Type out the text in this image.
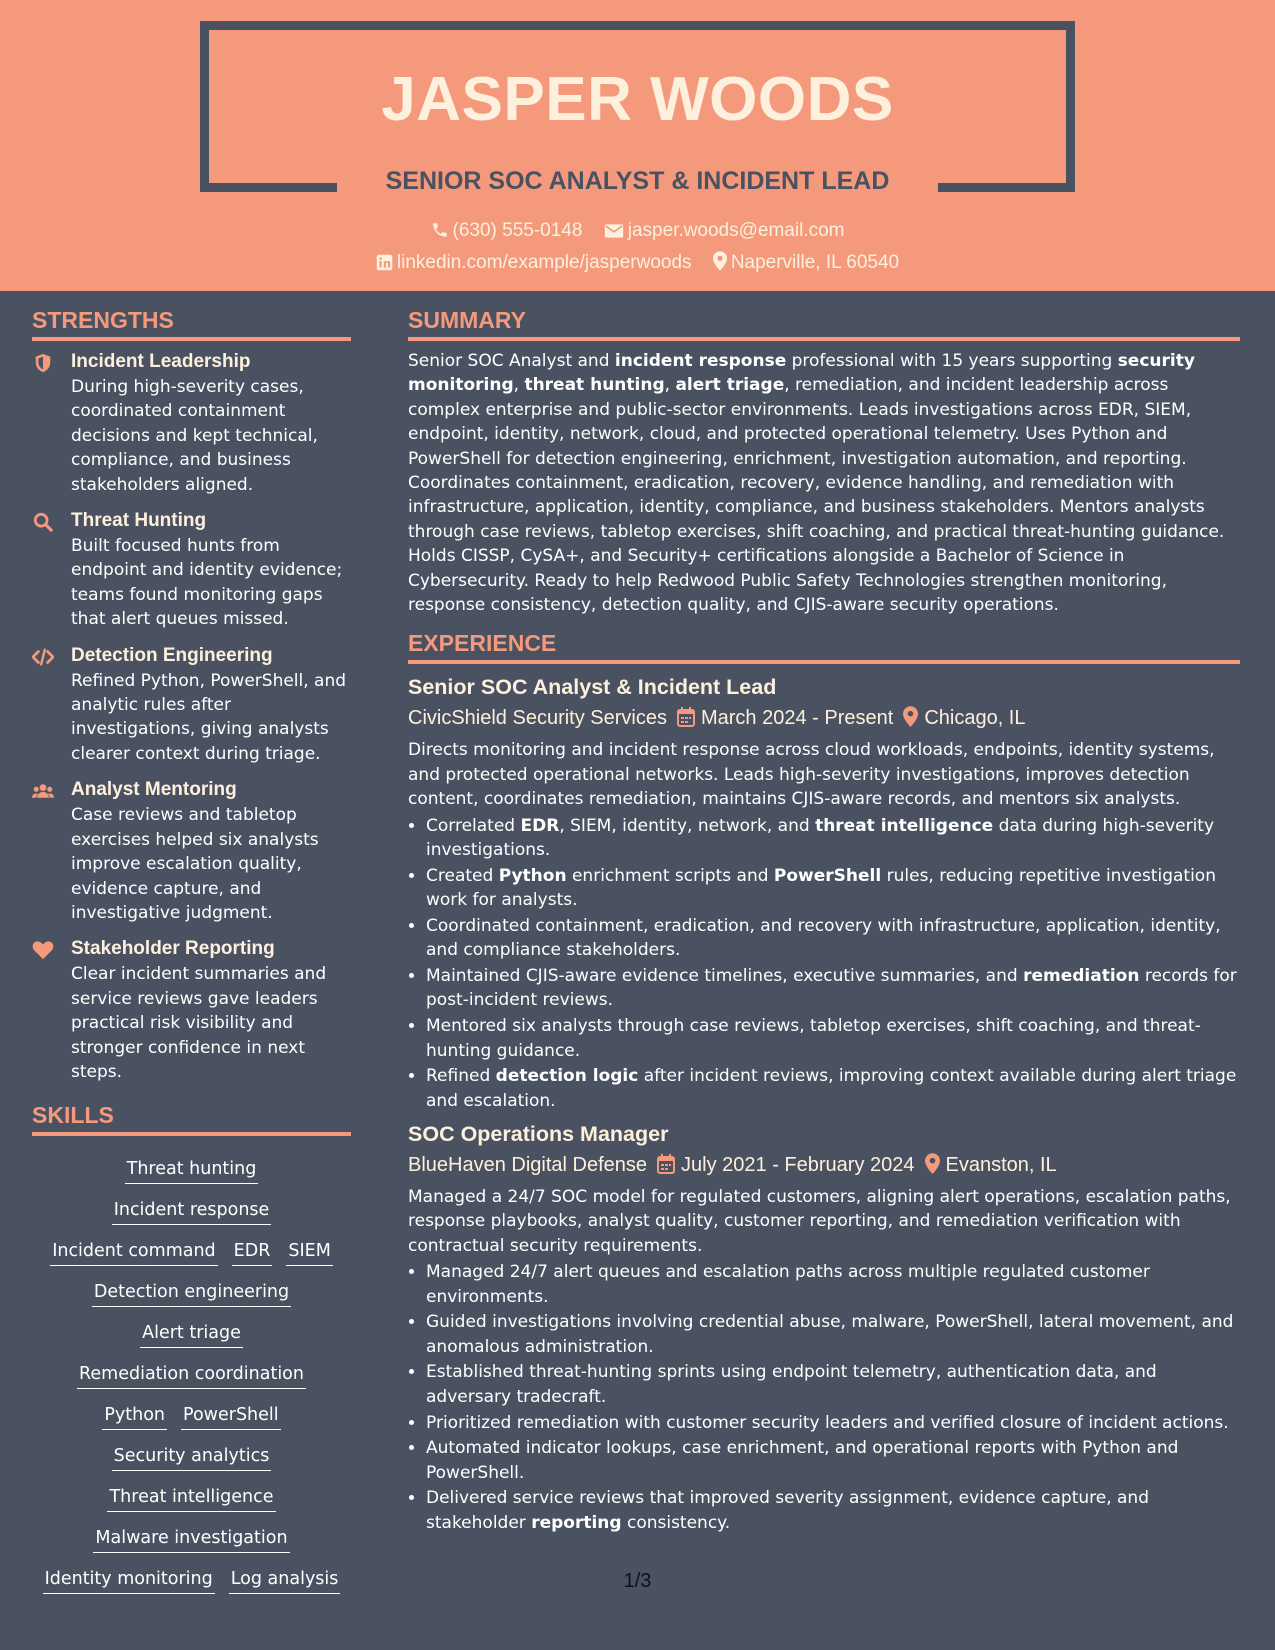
JASPER WOODS
SENIOR SOC ANALYST & INCIDENT LEAD
(630) 555-0148 jasper.woods@email.com
linkedin.com/example/jasperwoods Naperville, IL 60540
STRENGTHS
Incident Leadership
During high-severity cases, coordinated containment decisions and kept technical, compliance, and business stakeholders aligned.
Threat Hunting
Built focused hunts from endpoint and identity evidence; teams found monitoring gaps that alert queues missed.
Detection Engineering
Refined Python, PowerShell, and analytic rules after investigations, giving analysts clearer context during triage.
Analyst Mentoring
Case reviews and tabletop exercises helped six analysts improve escalation quality, evidence capture, and investigative judgment.
Stakeholder Reporting
Clear incident summaries and service reviews gave leaders practical risk visibility and stronger confidence in next steps.
SKILLS
Threat huntingIncident responseIncident command EDR SIEMDetection engineeringAlert triageRemediation coordinationPython PowerShellSecurity analyticsThreat intelligenceMalware investigationIdentity monitoring Log analysis
SUMMARY
Senior SOC Analyst and incident response professional with 15 years supporting security monitoring, threat hunting, alert triage, remediation, and incident leadership across complex enterprise and public-sector environments. Leads investigations across EDR, SIEM, endpoint, identity, network, cloud, and protected operational telemetry. Uses Python and PowerShell for detection engineering, enrichment, investigation automation, and reporting. Coordinates containment, eradication, recovery, evidence handling, and remediation with infrastructure, application, identity, compliance, and business stakeholders. Mentors analysts through case reviews, tabletop exercises, shift coaching, and practical threat-hunting guidance. Holds CISSP, CySA+, and Security+ certifications alongside a Bachelor of Science in Cybersecurity. Ready to help Redwood Public Safety Technologies strengthen monitoring, response consistency, detection quality, and CJIS-aware security operations.
EXPERIENCE
Senior SOC Analyst & Incident Lead
CivicShield Security Services March 2024 - Present Chicago, IL
Directs monitoring and incident response across cloud workloads, endpoints, identity systems, and protected operational networks. Leads high-severity investigations, improves detection content, coordinates remediation, maintains CJIS-aware records, and mentors six analysts.
• Correlated EDR, SIEM, identity, network, and threat intelligence data during high-severity investigations.
• Created Python enrichment scripts and PowerShell rules, reducing repetitive investigation work for analysts.
• Coordinated containment, eradication, and recovery with infrastructure, application, identity, and compliance stakeholders.
• Maintained CJIS-aware evidence timelines, executive summaries, and remediation records for post-incident reviews.
• Mentored six analysts through case reviews, tabletop exercises, shift coaching, and threat-hunting guidance.
• Refined detection logic after incident reviews, improving context available during alert triage and escalation.
SOC Operations Manager
BlueHaven Digital Defense July 2021 - February 2024 Evanston, IL
Managed a 24/7 SOC model for regulated customers, aligning alert operations, escalation paths, response playbooks, analyst quality, customer reporting, and remediation verification with contractual security requirements.
• Managed 24/7 alert queues and escalation paths across multiple regulated customer environments.
• Guided investigations involving credential abuse, malware, PowerShell, lateral movement, and anomalous administration.
• Established threat-hunting sprints using endpoint telemetry, authentication data, and adversary tradecraft.
• Prioritized remediation with customer security leaders and verified closure of incident actions.
• Automated indicator lookups, case enrichment, and operational reports with Python and PowerShell.
• Delivered service reviews that improved severity assignment, evidence capture, and stakeholder reporting consistency.
1/3
